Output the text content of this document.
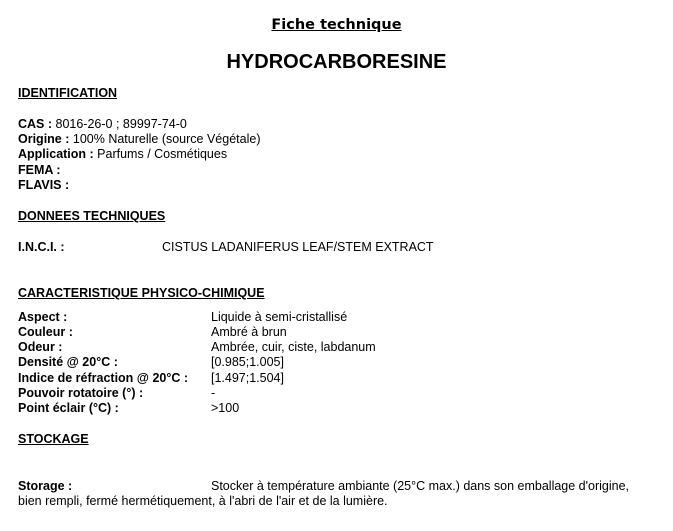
Fiche technique
HYDROCARBORESINE
IDENTIFICATION
CAS : 8016-26-0 ; 89997-74-0
Origine : 100% Naturelle (source Végétale)
Application : Parfums / Cosmétiques
FEMA :
FLAVIS :
DONNEES TECHNIQUES
I.N.C.I. :	CISTUS LADANIFERUS LEAF/STEM EXTRACT
CARACTERISTIQUE PHYSICO-CHIMIQUE
Aspect :	Liquide à semi-cristallisé
Couleur :	Ambré à brun
Odeur :	Ambrée, cuir, ciste, labdanum
Densité @ 20°C :	[0.985;1.005]
Indice de réfraction @ 20°C : [1.497;1.504]
Pouvoir rotatoire (°) :	-
Point éclair (°C) :	>100
STOCKAGE
Storage :	Stocker à température ambiante (25°C max.) dans son emballage d'origine,
bien rempli, fermé hermétiquement, à l'abri de l'air et de la lumière.
